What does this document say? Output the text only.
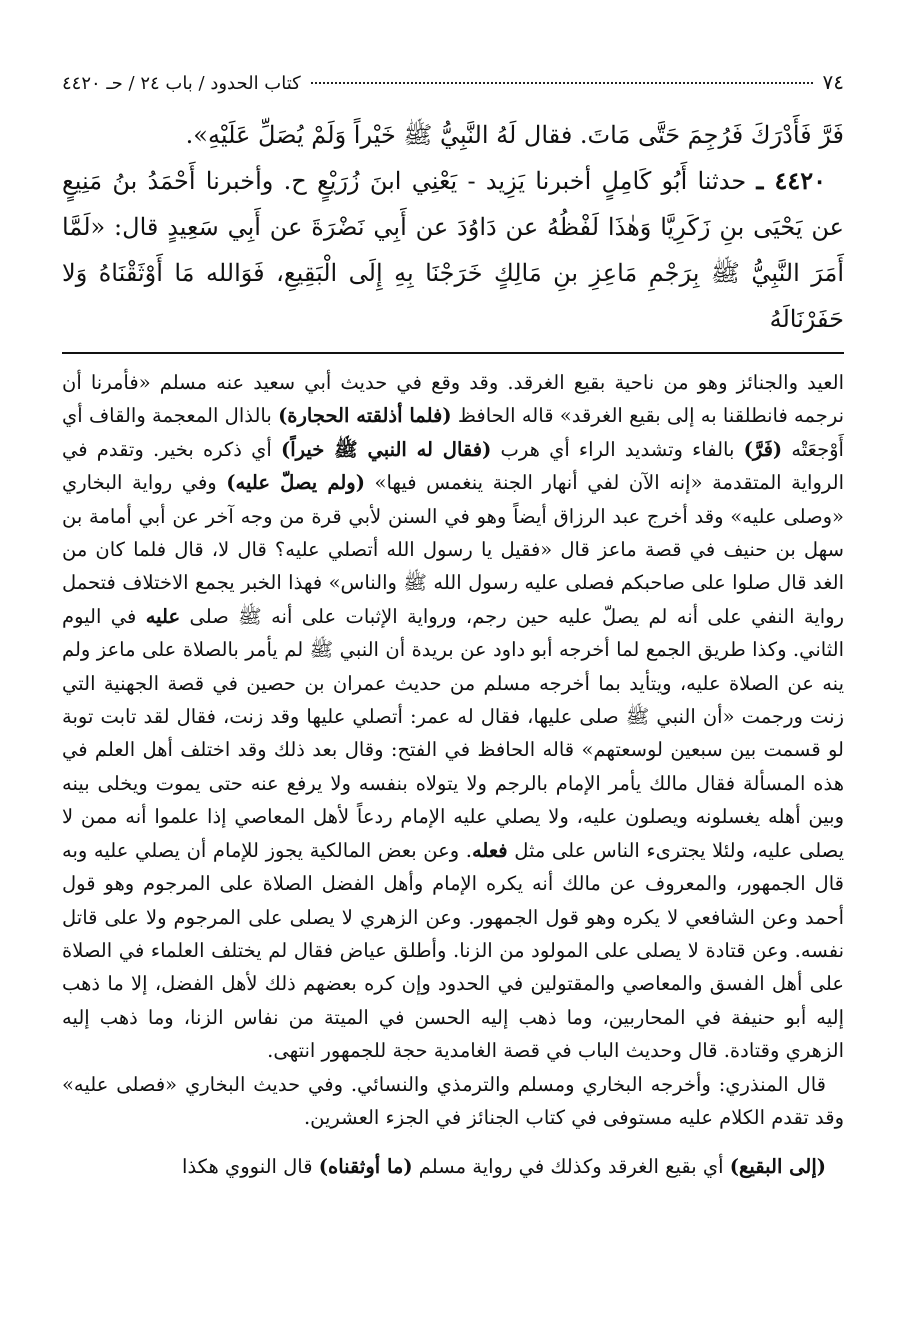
٧٤
كتاب الحدود / باب ٢٤ / حـ ٤٤٢٠

فَرَّ فَأَدْرَكَ فَرُجِمَ حَتَّى مَاتَ. فقال لَهُ النَّبِيُّ ﷺ خَيْراً وَلَمْ يُصَلِّ عَلَيْهِ».

٤٤٢٠ ـ حدثنا أَبُو كَامِلٍ أخبرنا يَزِيد - يَعْنِي ابنَ زُرَيْعٍ ح. وأخبرنا أَحْمَدُ بنُ مَنِيعٍ عن يَحْيَى بنِ زَكَرِيَّا وَهٰذَا لَفْظُهُ عن دَاوُدَ عن أَبِي نَضْرَةَ عن أَبِي سَعِيدٍ قال: «لَمَّا أَمَرَ النَّبِيُّ ﷺ بِرَجْمِ مَاعِزِ بنِ مَالِكٍ خَرَجْنَا بِهِ إِلَى الْبَقِيعِ، فَوَالله مَا أَوْثَقْنَاهُ وَلا حَفَرْنَالَهُ

العيد والجنائز وهو من ناحية بقيع الغرقد. وقد وقع في حديث أبي سعيد عنه مسلم «فأمرنا أن نرجمه فانطلقنا به إلى بقيع الغرقد» قاله الحافظ (فلما أذلقته الحجارة) بالذال المعجمة والقاف أي أَوْجعَتْه (فَرَّ) بالفاء وتشديد الراء أي هرب (فقال له النبي ﷺ خيراً) أي ذكره بخير. وتقدم في الرواية المتقدمة «إنه الآن لفي أنهار الجنة ينغمس فيها» (ولم يصلّ عليه) وفي رواية البخاري «وصلى عليه» وقد أخرج عبد الرزاق أيضاً وهو في السنن لأبي قرة من وجه آخر عن أبي أمامة بن سهل بن حنيف في قصة ماعز قال «فقيل يا رسول الله أتصلي عليه؟ قال لا، قال فلما كان من الغد قال صلوا على صاحبكم فصلى عليه رسول الله ﷺ والناس» فهذا الخبر يجمع الاختلاف فتحمل رواية النفي على أنه لم يصلّ عليه حين رجم، ورواية الإثبات على أنه ﷺ صلى عليه في اليوم الثاني. وكذا طريق الجمع لما أخرجه أبو داود عن بريدة أن النبي ﷺ لم يأمر بالصلاة على ماعز ولم ينه عن الصلاة عليه، ويتأيد بما أخرجه مسلم من حديث عمران بن حصين في قصة الجهنية التي زنت ورجمت «أن النبي ﷺ صلى عليها، فقال له عمر: أتصلي عليها وقد زنت، فقال لقد تابت توبة لو قسمت بين سبعين لوسعتهم» قاله الحافظ في الفتح: وقال بعد ذلك وقد اختلف أهل العلم في هذه المسألة فقال مالك يأمر الإمام بالرجم ولا يتولاه بنفسه ولا يرفع عنه حتى يموت ويخلى بينه وبين أهله يغسلونه ويصلون عليه، ولا يصلي عليه الإمام ردعاً لأهل المعاصي إذا علموا أنه ممن لا يصلى عليه، ولئلا يجترىء الناس على مثل فعله. وعن بعض المالكية يجوز للإمام أن يصلي عليه وبه قال الجمهور، والمعروف عن مالك أنه يكره الإمام وأهل الفضل الصلاة على المرجوم وهو قول أحمد وعن الشافعي لا يكره وهو قول الجمهور. وعن الزهري لا يصلى على المرجوم ولا على قاتل نفسه. وعن قتادة لا يصلى على المولود من الزنا. وأطلق عياض فقال لم يختلف العلماء في الصلاة على أهل الفسق والمعاصي والمقتولين في الحدود وإن كره بعضهم ذلك لأهل الفضل، إلا ما ذهب إليه أبو حنيفة في المحاربين، وما ذهب إليه الحسن في الميتة من نفاس الزنا، وما ذهب إليه الزهري وقتادة. قال وحديث الباب في قصة الغامدية حجة للجمهور انتهى.

قال المنذري: وأخرجه البخاري ومسلم والترمذي والنسائي. وفي حديث البخاري «فصلى عليه» وقد تقدم الكلام عليه مستوفى في كتاب الجنائز في الجزء العشرين.

(إلى البقيع) أي بقيع الغرقد وكذلك في رواية مسلم (ما أوثقناه) قال النووي هكذا
